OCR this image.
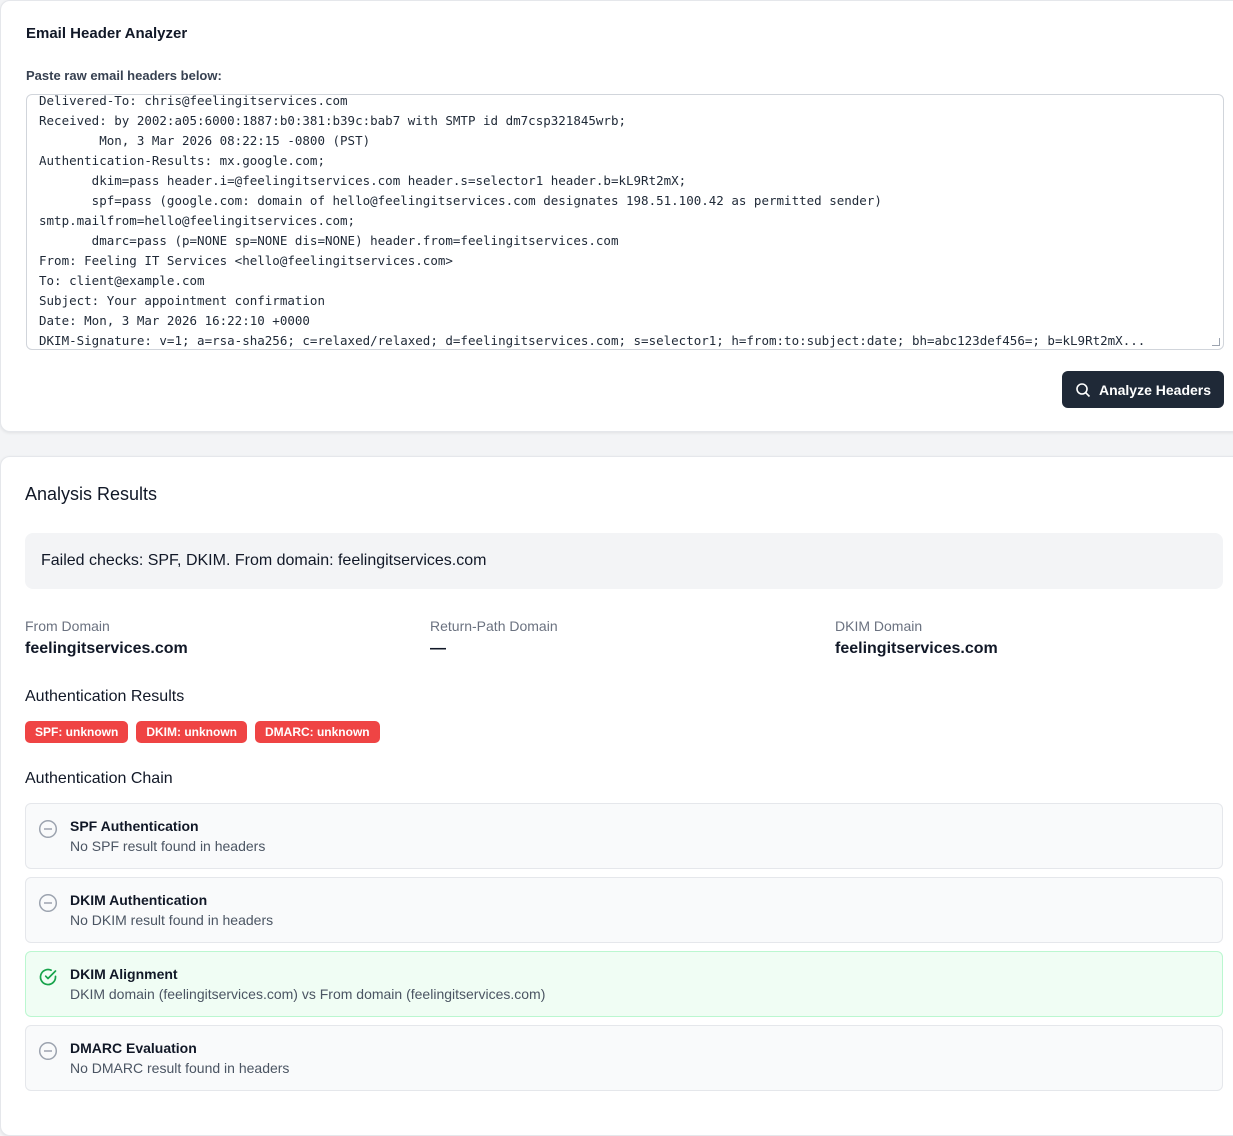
Email Header Analyzer
Paste raw email headers below:
Delivered-To: chris@feelingitservices.com
Received: by 2002:a05:6000:1887:b0:381:b39c:bab7 with SMTP id dm7csp321845wrb;
Mon, 3 Mar 2026 08:22:15 -0800 (PST)
Authentication-Results: mx.google.com;
dkim=pass header.i=@feelingitservices.com header.s=selector1 header.b=kL9Rt2mX;
spf=pass (google.com: domain of hello@feelingitservices.com designates 198.51.100.42 as permitted sender)
smtp.mailfrom=hello@feelingitservices.com;
dmarc=pass (p=NONE sp=NONE dis=NONE) header.from=feelingitservices.com
From: Feeling IT Services <hello@feelingitservices.com>
To: client@example.com
Subject: Your appointment confirmation
Date: Mon, 3 Mar 2026 16:22:10 +0000
DKIM-Signature: v=1; a=rsa-sha256; c=relaxed/relaxed; d=feelingitservices.com; s=selector1; h=from:to:subject:date; bh=abc123def456=; b=kL9Rt2mX...
Analyze Headers
Analysis Results
Failed checks: SPF, DKIM. From domain: feelingitservices.com
From Domain
feelingitservices.com
Return-Path Domain
—
DKIM Domain
feelingitservices.com
Authentication Results
SPF: unknown	DKIM: unknown	DMARC: unknown
Authentication Chain
SPF Authentication
No SPF result found in headers
DKIM Authentication
No DKIM result found in headers
DKIM Alignment
DKIM domain (feelingitservices.com) vs From domain (feelingitservices.com)
DMARC Evaluation
No DMARC result found in headers
